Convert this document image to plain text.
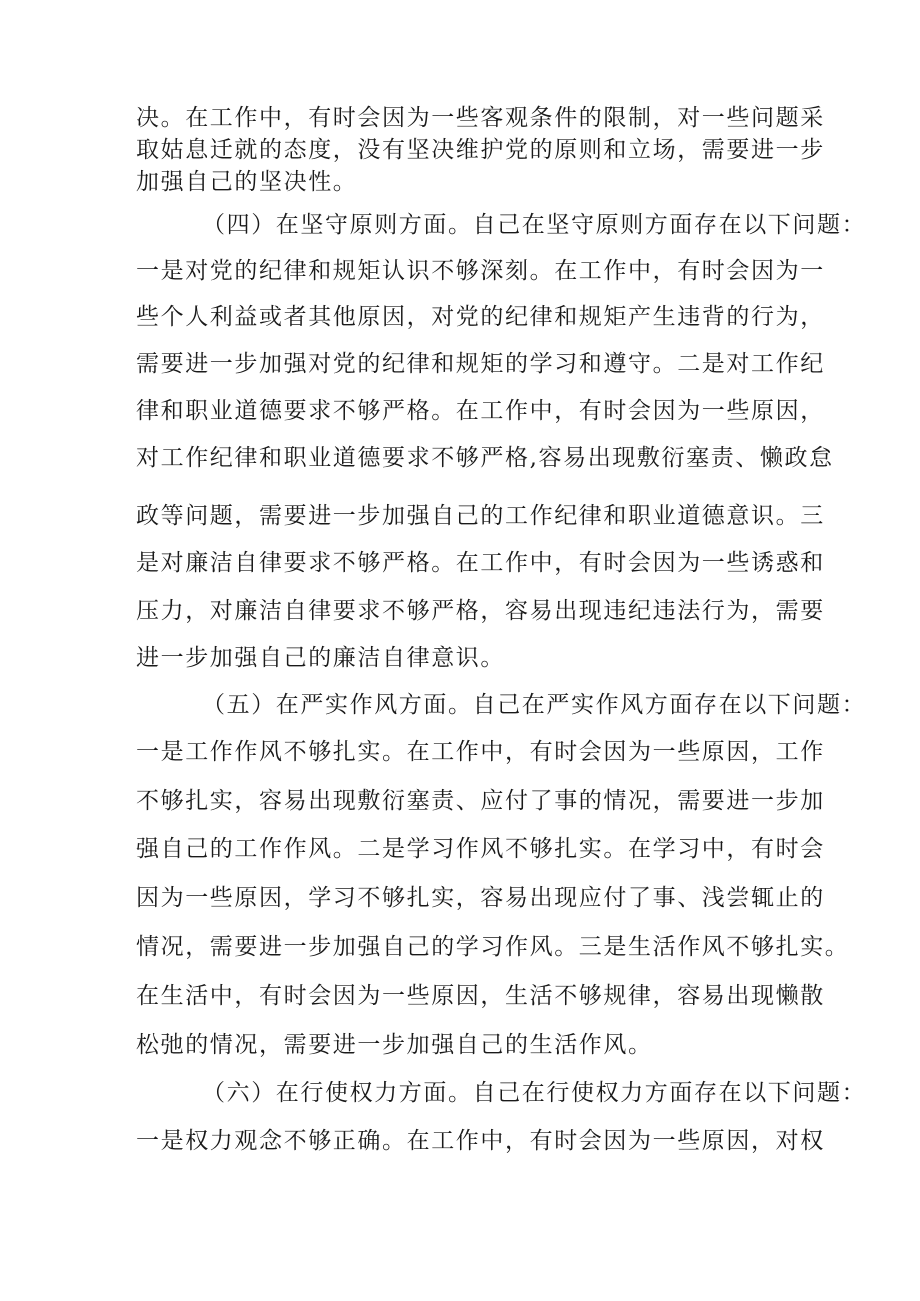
决。在工作中，有时会因为一些客观条件的限制，对一些问题采
取姑息迁就的态度，没有坚决维护党的原则和立场，需要进一步
加强自己的坚决性。
（四）在坚守原则方面。自己在坚守原则方面存在以下问题：
一是对党的纪律和规矩认识不够深刻。在工作中，有时会因为一
些个人利益或者其他原因，对党的纪律和规矩产生违背的行为，
需要进一步加强对党的纪律和规矩的学习和遵守。二是对工作纪
律和职业道德要求不够严格。在工作中，有时会因为一些原因，
对工作纪律和职业道德要求不够严格,容易出现敷衍塞责、懒政怠
政等问题，需要进一步加强自己的工作纪律和职业道德意识。三
是对廉洁自律要求不够严格。在工作中，有时会因为一些诱惑和
压力，对廉洁自律要求不够严格，容易出现违纪违法行为，需要
进一步加强自己的廉洁自律意识。
（五）在严实作风方面。自己在严实作风方面存在以下问题：
一是工作作风不够扎实。在工作中，有时会因为一些原因，工作
不够扎实，容易出现敷衍塞责、应付了事的情况，需要进一步加
强自己的工作作风。二是学习作风不够扎实。在学习中，有时会
因为一些原因，学习不够扎实，容易出现应付了事、浅尝辄止的
情况，需要进一步加强自己的学习作风。三是生活作风不够扎实。
在生活中，有时会因为一些原因，生活不够规律，容易出现懒散
松弛的情况，需要进一步加强自己的生活作风。
（六）在行使权力方面。自己在行使权力方面存在以下问题：
一是权力观念不够正确。在工作中，有时会因为一些原因，对权
